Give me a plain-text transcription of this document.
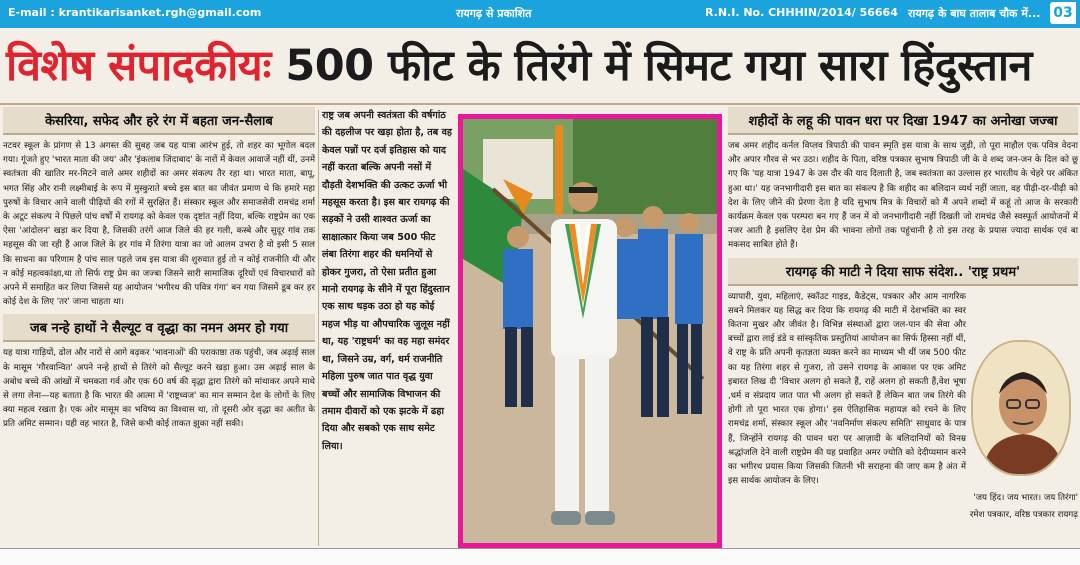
E-mail : krantikarisanket.rgh@gmail.com	रायगढ़ से प्रकाशित	R.N.I. No. CHHHIN/2014/ 56664 रायगढ़ के बाघ तालाब चौक में... 03
विशेष संपादकीयः 500 फीट के तिरंगे में सिमट गया सारा हिंदुस्तान
केसरिया, सफेद और हरे रंग में बहता जन-सैलाब

नटवर स्कूल के प्रांगण से 13 अगस्त की सुबह जब यह यात्रा आरंभ हुई, तो शहर का भूगोल बदल गया। गूंजते हुए 'भारत माता की जय' और 'इंकलाब जिंदाबाद' के नारों में केवल आवाजें नहीं थीं, उनमें स्वतंत्रता की खातिर मर-मिटने वाले अमर शहीदों का अमर संकल्प तैर रहा था। भारत माता, बापू, भगत सिंह और रानी लक्ष्मीबाई के रूप में मुस्कुराते बच्चे इस बात का जीवंत प्रमाण थे कि हमारे महा पुरुषों के विचार आने वाली पीढ़ियों की रगों में सुरक्षित हैं। संस्कार स्कूल और समाजसेवी रामचंद्र शर्मा के अटूट संकल्प ने पिछले पांच वर्षों में रायगढ़ को केवल एक दृष्टांत नहीं दिया, बल्कि राष्ट्रप्रेम का एक ऐसा 'आंदोलन' खड़ा कर दिया है, जिसकी तरंगें आज जिले की हर गली, कस्बे और सुदूर गांव तक महसूस की जा रही हैं आज जिले के हर गांव में तिरंगा यात्रा का जो आलम उभरा है वो इसी 5 साल कि साधना का परिणाम है पांच साल पहले जब इस यात्रा की शुरुवात हुई तो न कोई राजनीति थी और न कोई महत्वकांक्षा,था तो सिर्फ राष्ट्र प्रेम का जज्बा जिसने सारी सामाजिक दूरियों एवं विचारधारों को अपने में समाहित कर लिया जिससे यह आयोजन 'भगीरथ की पवित्र गंगा' बन गया जिसमें डूब कर हर कोई देश के लिए 'तर' जाना चाहता था।

जब नन्हे हाथों ने सैल्यूट व वृद्धा का नमन अमर हो गया

यह यात्रा गाड़ियों, ढोल और नारों से आगे बढ़कर 'भावनाओं' की पराकाष्ठा तक पहुंची, जब अढ़ाई साल के मासूम 'गौरवान्वित' अपने नन्हे हाथों से तिरंगे को सैल्यूट करने खड़ा हुआ। उस अढ़ाई साल के अबोध बच्चे की आंखों में चमकता गर्व और एक 60 वर्ष की वृद्धा द्वारा तिरंगे को मांथाकर अपने माथे से लगा लेना—यह बताता है कि भारत की आत्मा में 'राष्ट्रध्वज' का मान सम्मान देश के लोगों के लिए क्या महत्व रखता है। एक ओर मासूम का भविष्य का विश्वास था, तो दूसरी ओर वृद्धा का अतीत के प्रति अमिट सम्मान। यही वह भारत है, जिसे कभी कोई ताकत झुका नहीं सकी।

राष्ट्र जब अपनी स्वतंत्रता की वर्षगांठ की दहलीज पर खड़ा होता है, तब वह केवल पन्नों पर दर्ज इतिहास को याद नहीं करता बल्कि अपनी नसों में दौड़ती देशभक्ति की उत्कट ऊर्जा भी महसूस करता है। इस बार रायगढ़ की सड़कों ने उसी शाश्वत ऊर्जा का साक्षात्कार किया जब 500 फीट लंबा तिरंगा शहर की धमनियों से होकर गुजरा, तो ऐसा प्रतीत हुआ मानो रायगढ़ के सीने में पूरा हिंदुस्तान एक साथ धड़क उठा हो यह कोई महज भीड़ या औपचारिक जुलूस नहीं था, यह 'राष्ट्रधर्म' का वह महा समंदर था, जिसने उम्र, वर्ग, धर्म राजनीति महिला पुरुष जात पात वृद्ध युवा बच्चों और सामाजिक विभाजन की तमाम दीवारों को एक झटके में ढहा दिया और सबको एक साथ समेट लिया।

शहीदों के लहू की पावन धरा पर दिखा 1947 का अनोखा जज्बा

जब अमर शहीद कर्नल विप्लव त्रिपाठी की पावन स्मृति इस यात्रा के साथ जुड़ी, तो पूरा माहौल एक पवित्र वेदना और अपार गौरव से भर उठा। शहीद के पिता, वरिष्ठ पत्रकार सुभाष त्रिपाठी जी के वे शब्द जन-जन के दिल को छू गए कि 'यह यात्रा 1947 के उस दौर की याद दिलाती है, जब स्वतंत्रता का उल्लास हर भारतीय के चेहरे पर अंकित हुआ था।' यह जनभागीदारी इस बात का संकल्प है कि शहीद का बलिदान व्यर्थ नहीं जाता, वह पीढ़ी-दर-पीढ़ी को देश के लिए जीने की प्रेरणा देता है यदि सुभाष मित्र के विचारों को मैं अपने शब्दों में कहूं तो आज के सरकारी कार्यक्रम केवल एक परम्परा बन गए हैं जन में वो जनभागीदारी नहीं दिखती जो रामचंद्र जैसे स्वस्फूर्त आयोजनों में नजर आती है इसलिए देश प्रेम की भावना लोगों तक पहुंचानी है तो इस तरह के प्रयास ज्यादा सार्थक एवं बा मकसद साबित होते हैं।

रायगढ़ की माटी ने दिया साफ संदेश.. 'राष्ट्र प्रथम'

व्यापारी, युवा, महिलाएं, स्कॉउट गाइड, कैडेट्स, पत्रकार और आम नागरिक सबने मिलकर यह सिद्ध कर दिया कि रायगढ़ की माटी में देशभक्ति का स्वर कितना मुखर और जीवंत है। विभिन्न संस्थाओं द्वारा जल-पान की सेवा और बच्चों द्वारा लाई डंडे व सांस्कृतिक प्रस्तुतियां आयोजन का सिर्फ हिस्सा नहीं थीं, वे राष्ट्र के प्रति अपनी कृतज्ञता व्यक्त करने का माध्यम भी थीं जब 500 फीट का यह तिरंगा शहर से गुजरा, तो उसने रायगढ़ के आकाश पर एक अमिट इबारत लिख दी 'विचार अलग हो सकते हैं, राहें अलग हो सकती हैं,वेश भूषा ,धर्म व संप्रदाय जात पात भी अलग हो सकते हैं लेकिन बात जब तिरंगे की होगी तो पूरा भारत एक होगा।' इस ऐतिहासिक महायज्ञ को रचने के लिए रामचंद्र शर्मा, संस्कार स्कूल और 'नवनिर्माण संकल्प समिति' साधुवाद के पात्र हैं, जिन्होंने रायगढ़ की पावन धरा पर आज़ादी के बलिदानियों को विनम्र श्रद्धांजलि देने वाली राष्ट्रप्रेम की यह प्रवाहित अमर ज्योति को देदीप्यमान करने का भगीरथ प्रयास किया जिसकी जितनी भी सराहना की जाए कम है अंत में इस सार्थक आयोजन के लिए।

'जय हिंद। जय भारत। जय तिरंगा'
रमेश पत्रकार, वरिष्ठ पत्रकार रायगढ़
